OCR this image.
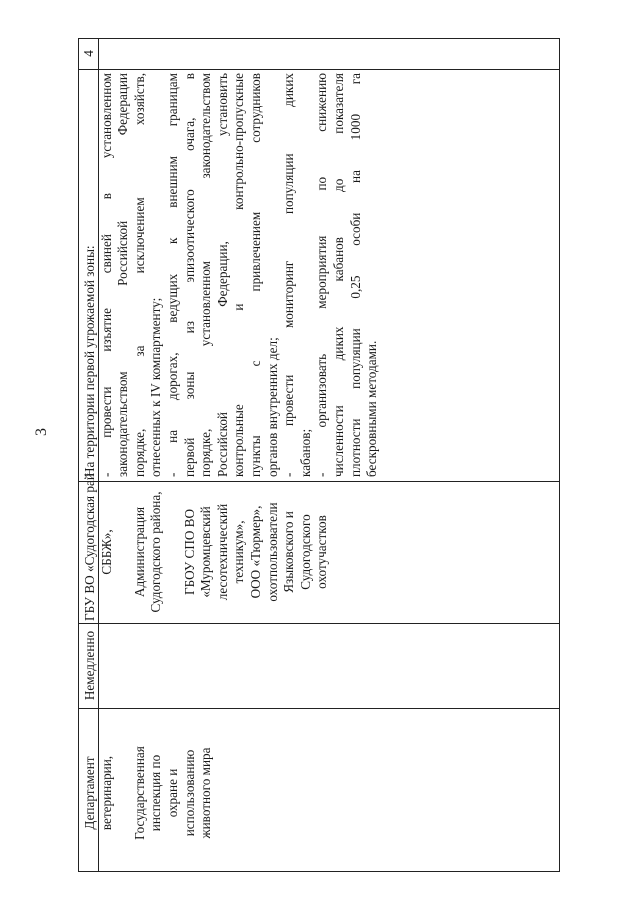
3
4
На территории первой угрожаемой зоны: - провести изъятие свиней в установленном законодательством Российской Федерации порядке, за исключением хозяйств, отнесенных к IV компартменту; - на дорогах, ведущих к внешним границам первой зоны из эпизоотического очага, в порядке, установленном законодательством Российской Федерации, установить контрольные и контрольно-пропускные пункты с привлечением сотрудников органов внутренних дел; - провести мониторинг популяции диких кабанов; - организовать мероприятия по снижению численности диких кабанов до показателя плотности популяции 0,25 особи на 1000 га бескровными методами.
ГБУ ВО «Судогодская рай СББЖ»,
Администрация Судогодского района,
ГБОУ СПО ВО «Муромцевский лесотехнический техникум», ООО «Тюрмер», охотпользователи Языковского и Судогодского охотучастков
Немедленно
Департамент ветеринарии,
Государственная инспекция по охране и использованию животного мира
